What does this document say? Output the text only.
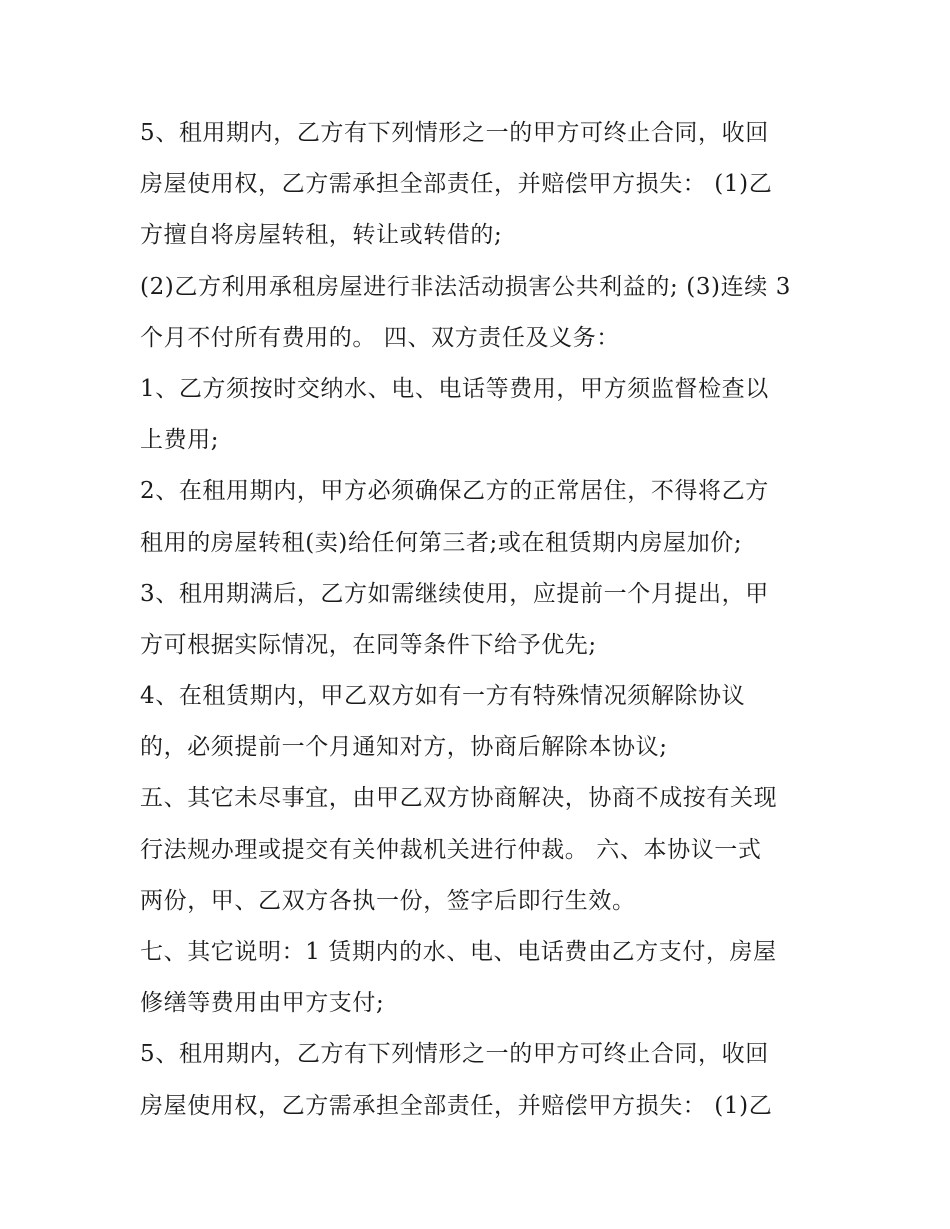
5、租用期内，乙方有下列情形之一的甲方可终止合同，收回
房屋使用权，乙方需承担全部责任，并赔偿甲方损失： (1)乙
方擅自将房屋转租，转让或转借的;
(2)乙方利用承租房屋进行非法活动损害公共利益的; (3)连续 3
个月不付所有费用的。 四、双方责任及义务：
1、乙方须按时交纳水、电、电话等费用，甲方须监督检查以
上费用;
2、在租用期内，甲方必须确保乙方的正常居住，不得将乙方
租用的房屋转租(卖)给任何第三者;或在租赁期内房屋加价;
3、租用期满后，乙方如需继续使用，应提前一个月提出，甲
方可根据实际情况，在同等条件下给予优先;
4、在租赁期内，甲乙双方如有一方有特殊情况须解除协议
的，必须提前一个月通知对方，协商后解除本协议;
五、其它未尽事宜，由甲乙双方协商解决，协商不成按有关现
行法规办理或提交有关仲裁机关进行仲裁。 六、本协议一式
两份，甲、乙双方各执一份，签字后即行生效。
七、其它说明：1 赁期内的水、电、电话费由乙方支付，房屋
修缮等费用由甲方支付;
5、租用期内，乙方有下列情形之一的甲方可终止合同，收回
房屋使用权，乙方需承担全部责任，并赔偿甲方损失： (1)乙
